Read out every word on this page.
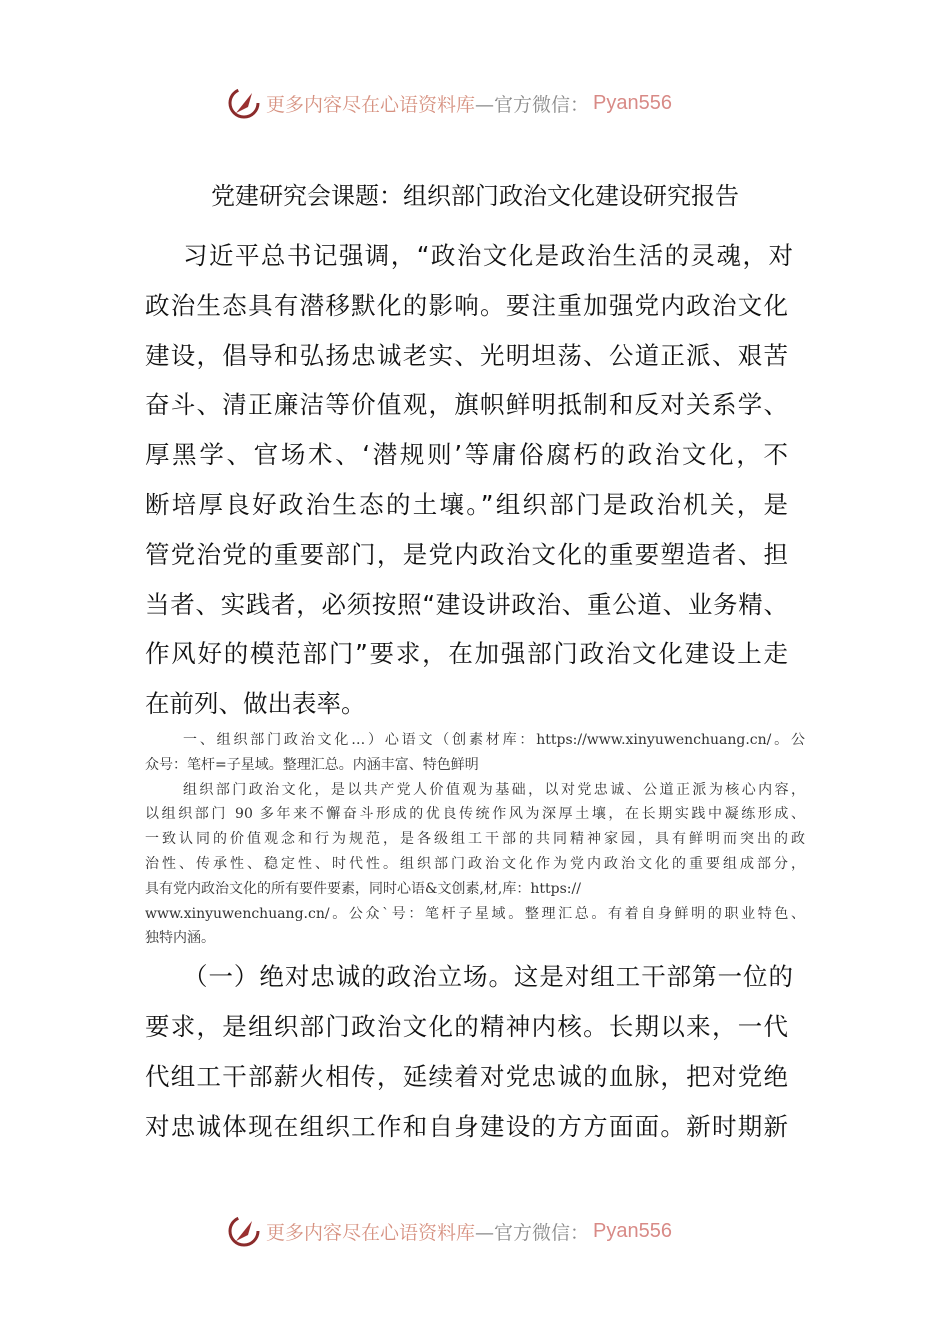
更多内容尽在心语资料库 —官方微信： Pyan556
党建研究会课题：组织部门政治文化建设研究报告
习近平总书记强调，“政治文化是政治生活的灵魂，对
政治生态具有潜移默化的影响。要注重加强党内政治文化
建设，倡导和弘扬忠诚老实、光明坦荡、公道正派、艰苦
奋斗、清正廉洁等价值观，旗帜鲜明抵制和反对关系学、
厚黑学、官场术、‘潜规则’等庸俗腐朽的政治文化，不
断培厚良好政治生态的土壤。”组织部门是政治机关，是
管党治党的重要部门，是党内政治文化的重要塑造者、担
当者、实践者，必须按照“建设讲政治、重公道、业务精、
作风好的模范部门”要求，在加强部门政治文化建设上走
在前列、做出表率。
一、组织部门政治文化…）心语文（创素材库：https://www.xinyuwenchuang.cn/。公
众号：笔杆=子星域。整理汇总。内涵丰富、特色鲜明
组织部门政治文化，是以共产党人价值观为基础，以对党忠诚、公道正派为核心内容，
以组织部门 90 多年来不懈奋斗形成的优良传统作风为深厚土壤，在长期实践中凝练形成、
一致认同的价值观念和行为规范，是各级组工干部的共同精神家园，具有鲜明而突出的政
治性、传承性、稳定性、时代性。组织部门政治文化作为党内政治文化的重要组成部分，
具有党内政治文化的所有要件要素，同时心语&文创素,材,库：https://
www.xinyuwenchuang.cn/。公众`号：笔杆子星域。整理汇总。有着自身鲜明的职业特色、
独特内涵。
（一）绝对忠诚的政治立场。这是对组工干部第一位的
要求，是组织部门政治文化的精神内核。长期以来，一代
代组工干部薪火相传，延续着对党忠诚的血脉，把对党绝
对忠诚体现在组织工作和自身建设的方方面面。新时期新
更多内容尽在心语资料库 —官方微信： Pyan556
